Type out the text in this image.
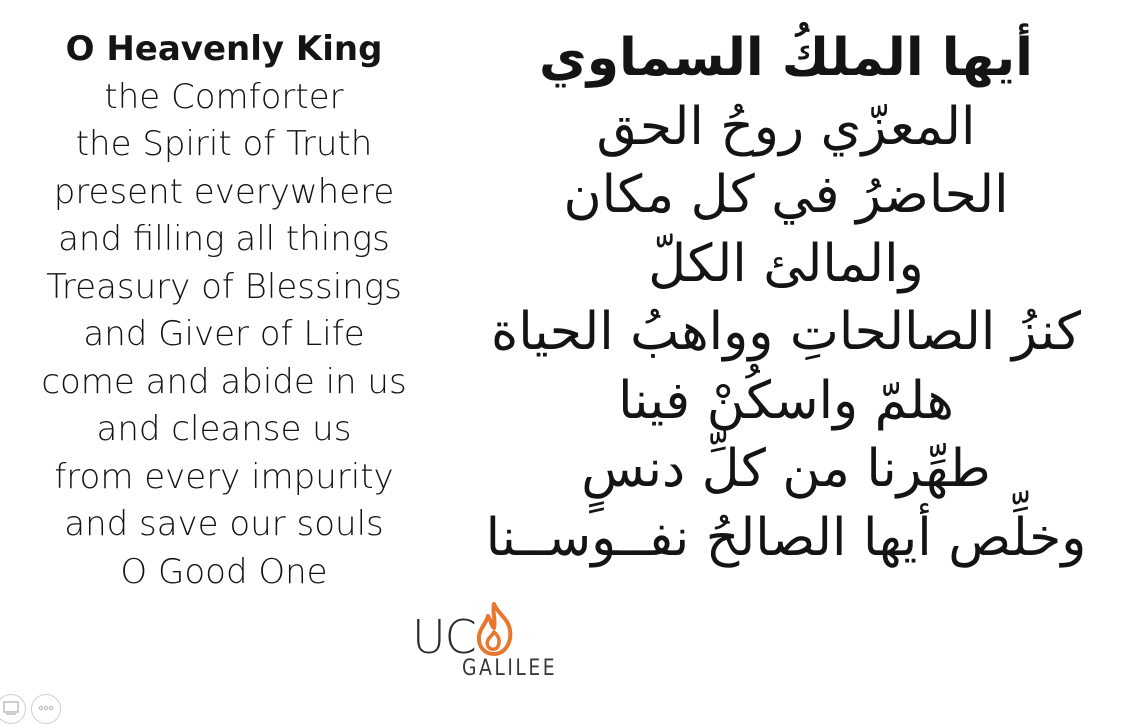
O Heavenly King
the Comforter
the Spirit of Truth
present everywhere
and filling all things
Treasury of Blessings
and Giver of Life
come and abide in us
and cleanse us
from every impurity
and save our souls
O Good One
أيها الملكُ السماوي
المعزّي روحُ الحق
الحاضرُ في كل مكان
والمالئ الكلّ
كنزُ الصالحاتِ وواهبُ الحياة
هلمّ واسكُنْ فينا
طهِّرنا من كلِّ دنسٍ
وخلِّص أيها الصالحُ نفــوســنا
UC
GALILEE
